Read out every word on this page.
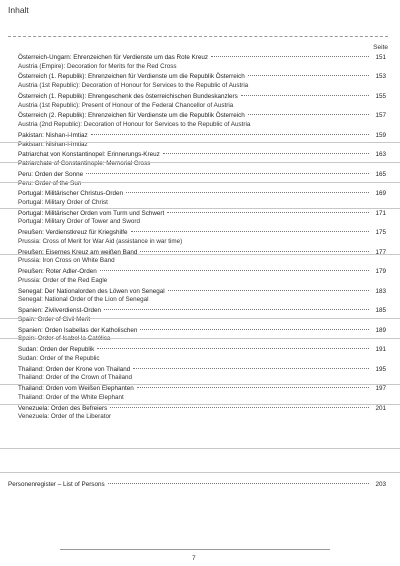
Inhalt
Seite
Österreich-Ungarn: Ehrenzeichen für Verdienste um das Rote Kreuz	151
Austria (Empire): Decoration for Merits for the Red Cross
Österreich (1. Republik): Ehrenzeichen für Verdienste um die Republik Österreich	153
Austria (1st Republic): Decoration of Honour for Services to the Republic of Austria
Österreich (1. Republik): Ehrengeschenk des österreichischen Bundeskanzlers	155
Austria (1st Republic): Present of Honour of the Federal Chancellor of Austria
Österreich (2. Republik): Ehrenzeichen für Verdienste um die Republik Österreich	157
Austria (2nd Republic): Decoration of Honour for Services to the Republic of Austria
Pakistan: Nishan-i-Imtiaz	159
Pakistan: Nishan-i-Imtiaz
Patriarchat von Konstantinopel: Erinnerungs-Kreuz	163
Patriarchate of Constantinople: Memorial Cross
Peru: Orden der Sonne	165
Peru: Order of the Sun
Portugal: Militärischer Christus-Orden	169
Portugal: Military Order of Christ
Portugal: Militärischer Orden vom Turm und Schwert	171
Portugal: Military Order of Tower and Sword
Preußen: Verdienstkreuz für Kriegshilfe	175
Prussia: Cross of Merit for War Aid (assistance in war time)
Preußen: Eisernes Kreuz am weißen Band	177
Prussia: Iron Cross on White Band
Preußen: Roter Adler-Orden	179
Prussia: Order of the Red Eagle
Senegal: Der Nationalorden des Löwen von Senegal	183
Senegal: National Order of the Lion of Senegal
Spanien: Zivilverdienst-Orden	185
Spain: Order of Civil Merit
Spanien: Orden Isabellas der Katholischen	189
Spain: Order of Isabel la Católica
Sudan: Orden der Republik	191
Sudan: Order of the Republic
Thailand: Orden der Krone von Thailand	195
Thailand: Order of the Crown of Thailand
Thailand: Orden vom Weißen Elephanten	197
Thailand: Order of the White Elephant
Venezuela: Orden des Befreiers	201
Venezuela: Order of the Liberator
Personenregister – List of Persons	203
7
